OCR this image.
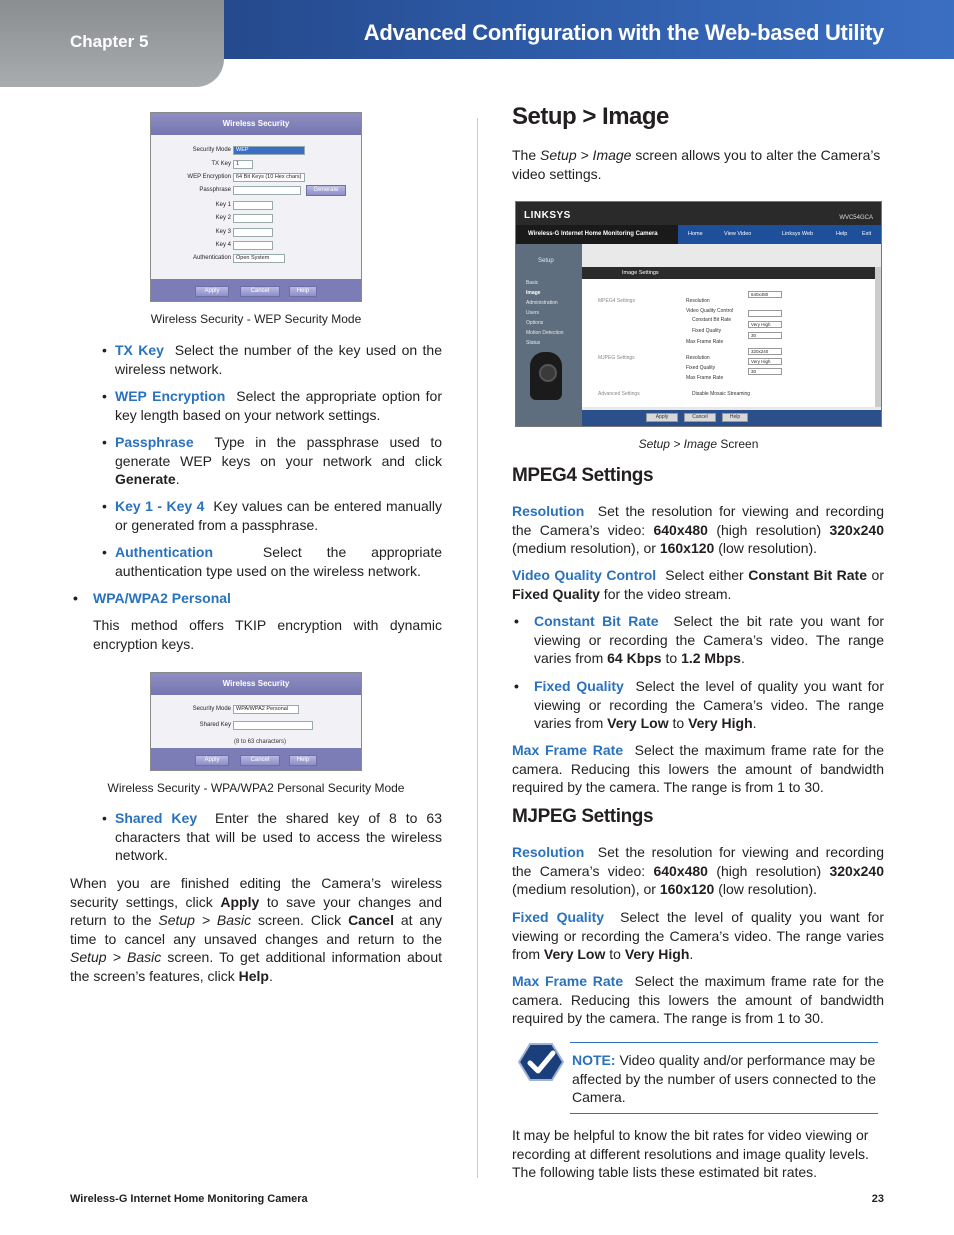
Chapter 5	Advanced Configuration with the Web-based Utility
Wireless Security
Security Mode
TX Key
WEP Encryption
Passphrase
Key 1
Key 2
Key 3
Key 4
Authentication
WEP
1
64 Bit Keys (10 Hex chars)
Generate
Open System
Apply	Cancel	Help
Wireless Security - WEP Security Mode
• TX Key Select the number of the key used on the wireless network.

• WEP Encryption Select the appropriate option for key length based on your network settings.

• Passphrase Type in the passphrase used to generate WEP keys on your network and click Generate.

• Key 1 - Key 4 Key values can be entered manually or generated from a passphrase.

• Authentication	Select the appropriate authentication type used on the wireless network.

• WPA/WPA2 Personal

This method offers TKIP encryption with dynamic encryption keys.

Wireless Security
Security Mode
Shared Key
WPA/WPA2 Personal
(8 to 63 characters)
Apply	Cancel	Help
Wireless Security - WPA/WPA2 Personal Security Mode
• Shared Key Enter the shared key of 8 to 63 characters that will be used to access the wireless network.

When you are finished editing the Camera’s wireless security settings, click Apply to save your changes and return to the Setup > Basic screen. Click Cancel at any time to cancel any unsaved changes and return to the Setup > Basic screen. To get additional information about the screen’s features, click Help.

Setup > Image

The Setup > Image screen allows you to alter the Camera’s video settings.

LINKSYS	WVC54GCA
Wireless-G Internet Home Monitoring Camera	Home	View Video	Linksys Web	Help	Exit
Setup
Basic
Image
Administration
Users
Options
Motion Detection
Status
Image Settings
MPEG4 Settings
MJPEG Settings
Advanced Settings
Resolution
Video Quality Control
Constant Bit Rate
Fixed Quality
Max Frame Rate
Resolution
Fixed Quality
Max Frame Rate
Disable Mosaic Streaming
640x480
Very High
30
320x240
Very High
30
Apply	Cancel	Help
Setup > Image Screen
MPEG4 Settings

Resolution Set the resolution for viewing and recording the Camera’s video: 640x480 (high resolution) 320x240 (medium resolution), or 160x120 (low resolution).

Video Quality Control Select either Constant Bit Rate or Fixed Quality for the video stream.

• Constant Bit Rate Select the bit rate you want for viewing or recording the Camera’s video. The range varies from 64 Kbps to 1.2 Mbps.

• Fixed Quality Select the level of quality you want for viewing or recording the Camera’s video. The range varies from Very Low to Very High.

Max Frame Rate Select the maximum frame rate for the camera. Reducing this lowers the amount of bandwidth required by the camera. The range is from 1 to 30.

MJPEG Settings

Resolution Set the resolution for viewing and recording the Camera’s video: 640x480 (high resolution) 320x240 (medium resolution), or 160x120 (low resolution).

Fixed Quality Select the level of quality you want for viewing or recording the Camera’s video. The range varies from Very Low to Very High.

Max Frame Rate Select the maximum frame rate for the camera. Reducing this lowers the amount of bandwidth required by the camera. The range is from 1 to 30.

NOTE: Video quality and/or performance may be affected by the number of users connected to the Camera.

It may be helpful to know the bit rates for video viewing or recording at different resolutions and image quality levels. The following table lists these estimated bit rates.

Wireless-G Internet Home Monitoring Camera	23
